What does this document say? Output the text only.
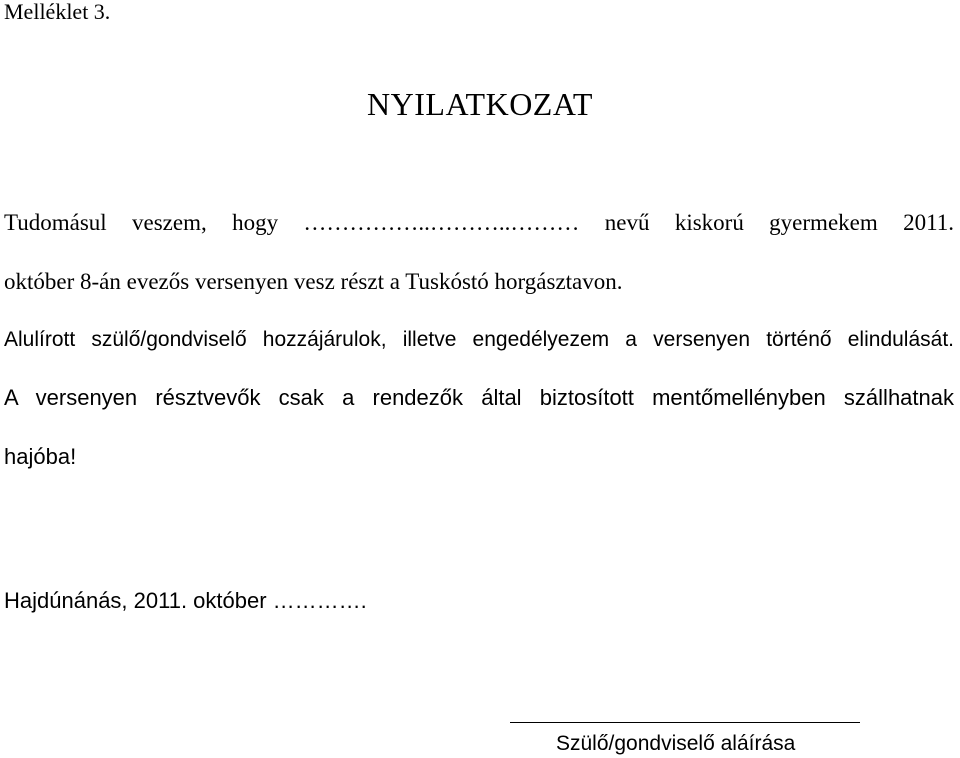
Melléklet 3.
NYILATKOZAT
Tudomásul veszem, hogy ……………..………..……… nevű kiskorú gyermekem 2011.
október 8-án evezős versenyen vesz részt a Tuskóstó horgásztavon.
Alulírott szülő/gondviselő hozzájárulok, illetve engedélyezem a versenyen történő elindulását.
A versenyen résztvevők csak a rendezők által biztosított mentőmellényben szállhatnak
hajóba!
Hajdúnánás, 2011. október ………….
Szülő/gondviselő aláírása
